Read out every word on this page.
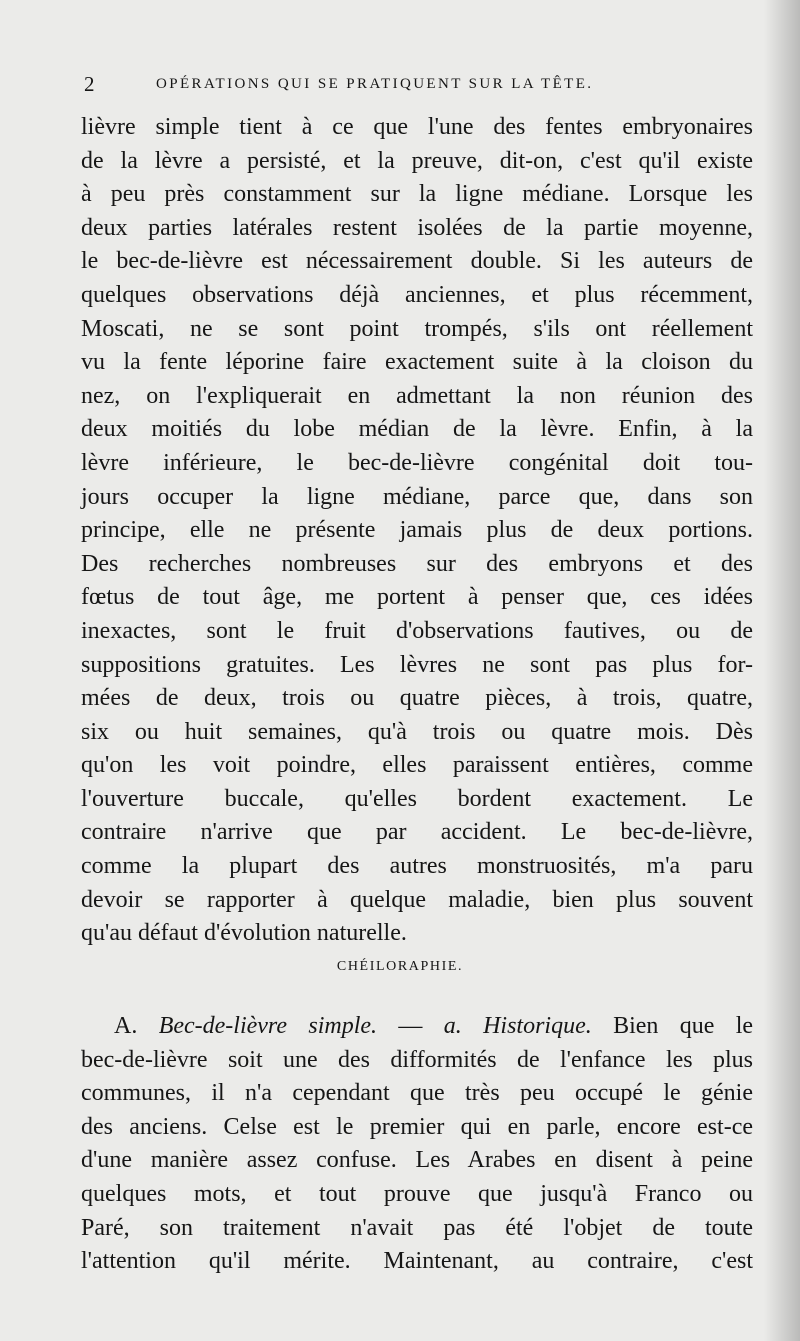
2	OPÉRATIONS QUI SE PRATIQUENT SUR LA TÊTE.
lièvre simple tient à ce que l'une des fentes embryonaires
de la lèvre a persisté, et la preuve, dit-on, c'est qu'il existe
à peu près constamment sur la ligne médiane. Lorsque les
deux parties latérales restent isolées de la partie moyenne,
le bec-de-lièvre est nécessairement double. Si les auteurs de
quelques observations déjà anciennes, et plus récemment,
Moscati, ne se sont point trompés, s'ils ont réellement
vu la fente léporine faire exactement suite à la cloison du
nez, on l'expliquerait en admettant la non réunion des
deux moitiés du lobe médian de la lèvre. Enfin, à la
lèvre inférieure, le bec-de-lièvre congénital doit tou-
jours occuper la ligne médiane, parce que, dans son
principe, elle ne présente jamais plus de deux portions.
Des recherches nombreuses sur des embryons et des
fœtus de tout âge, me portent à penser que, ces idées
inexactes, sont le fruit d'observations fautives, ou de
suppositions gratuites. Les lèvres ne sont pas plus for-
mées de deux, trois ou quatre pièces, à trois, quatre,
six ou huit semaines, qu'à trois ou quatre mois. Dès
qu'on les voit poindre, elles paraissent entières, comme
l'ouverture buccale, qu'elles bordent exactement. Le
contraire n'arrive que par accident. Le bec-de-lièvre,
comme la plupart des autres monstruosités, m'a paru
devoir se rapporter à quelque maladie, bien plus souvent
qu'au défaut d'évolution naturelle.
CHÉILORAPHIE.
A. Bec-de-lièvre simple. — a. Historique. Bien que le
bec-de-lièvre soit une des difformités de l'enfance les plus
communes, il n'a cependant que très peu occupé le génie
des anciens. Celse est le premier qui en parle, encore est-ce
d'une manière assez confuse. Les Arabes en disent à peine
quelques mots, et tout prouve que jusqu'à Franco ou
Paré, son traitement n'avait pas été l'objet de toute
l'attention qu'il mérite. Maintenant, au contraire, c'est
